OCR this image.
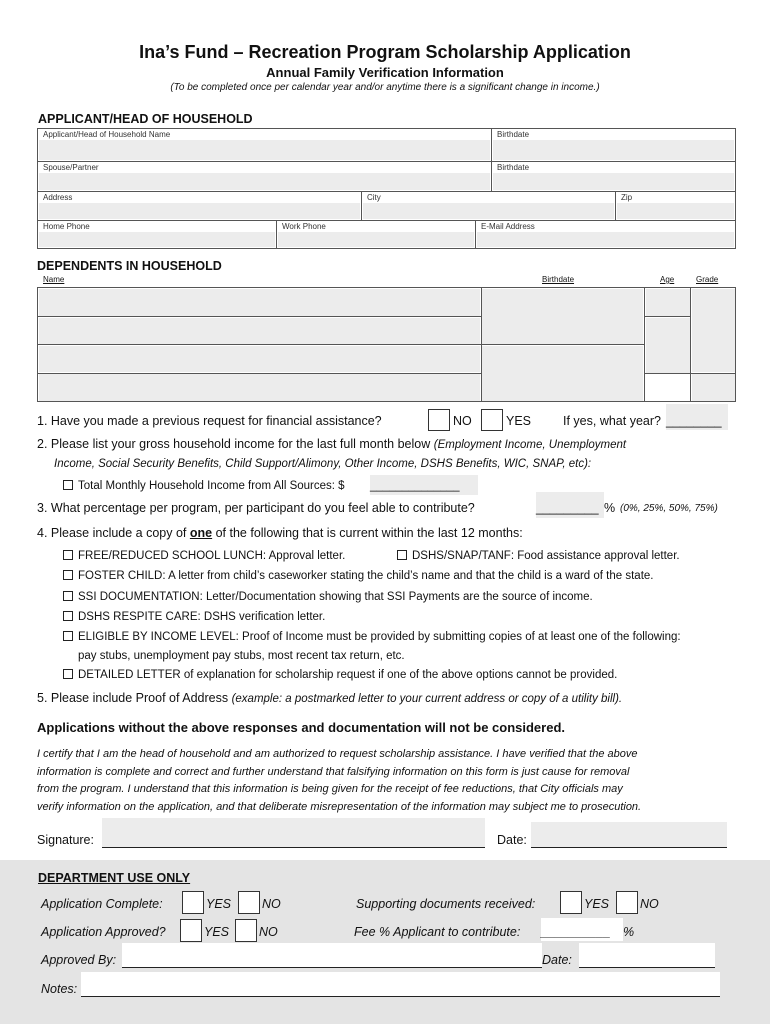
Ina’s Fund – Recreation Program Scholarship Application
Annual Family Verification Information
(To be completed once per calendar year and/or anytime there is a significant change in income.)
APPLICANT/HEAD OF HOUSEHOLD
Applicant/Head of Household Name	Birthdate
Spouse/Partner	Birthdate
Address	City	Zip
Home Phone	Work Phone	E-Mail Address
DEPENDENTS IN HOUSEHOLD
Name	Birthdate	Age	Grade
1. Have you made a previous request for financial assistance?	NO	YES	If yes, what year? ________
2. Please list your gross household income for the last full month below (Employment Income, Unemployment
Income, Social Security Benefits, Child Support/Alimony, Other Income, DSHS Benefits, WIC, SNAP, etc):
Total Monthly Household Income from All Sources: $ ______________
3. What percentage per program, per participant do you feel able to contribute?	_________ % (0%, 25%, 50%, 75%)
4. Please include a copy of one of the following that is current within the last 12 months:
FREE/REDUCED SCHOOL LUNCH: Approval letter.	DSHS/SNAP/TANF: Food assistance approval letter.
FOSTER CHILD: A letter from child’s caseworker stating the child’s name and that the child is a ward of the state.
SSI DOCUMENTATION: Letter/Documentation showing that SSI Payments are the source of income.
DSHS RESPITE CARE: DSHS verification letter.
ELIGIBLE BY INCOME LEVEL: Proof of Income must be provided by submitting copies of at least one of the following:
pay stubs, unemployment pay stubs, most recent tax return, etc.
DETAILED LETTER of explanation for scholarship request if one of the above options cannot be provided.
5. Please include Proof of Address (example: a postmarked letter to your current address or copy of a utility bill).
Applications without the above responses and documentation will not be considered.
I certify that I am the head of household and am authorized to request scholarship assistance. I have verified that the above
information is complete and correct and further understand that falsifying information on this form is just cause for removal
from the program. I understand that this information is being given for the receipt of fee reductions, that City officials may
verify information on the application, and that deliberate misrepresentation of the information may subject me to prosecution.
Signature:	Date:
DEPARTMENT USE ONLY
Application Complete:	YES NO	Supporting documents received:	YES NO
Application Approved?	YES NO	Fee % Applicant to contribute: __________ %
Approved By:	Date:
Notes:
